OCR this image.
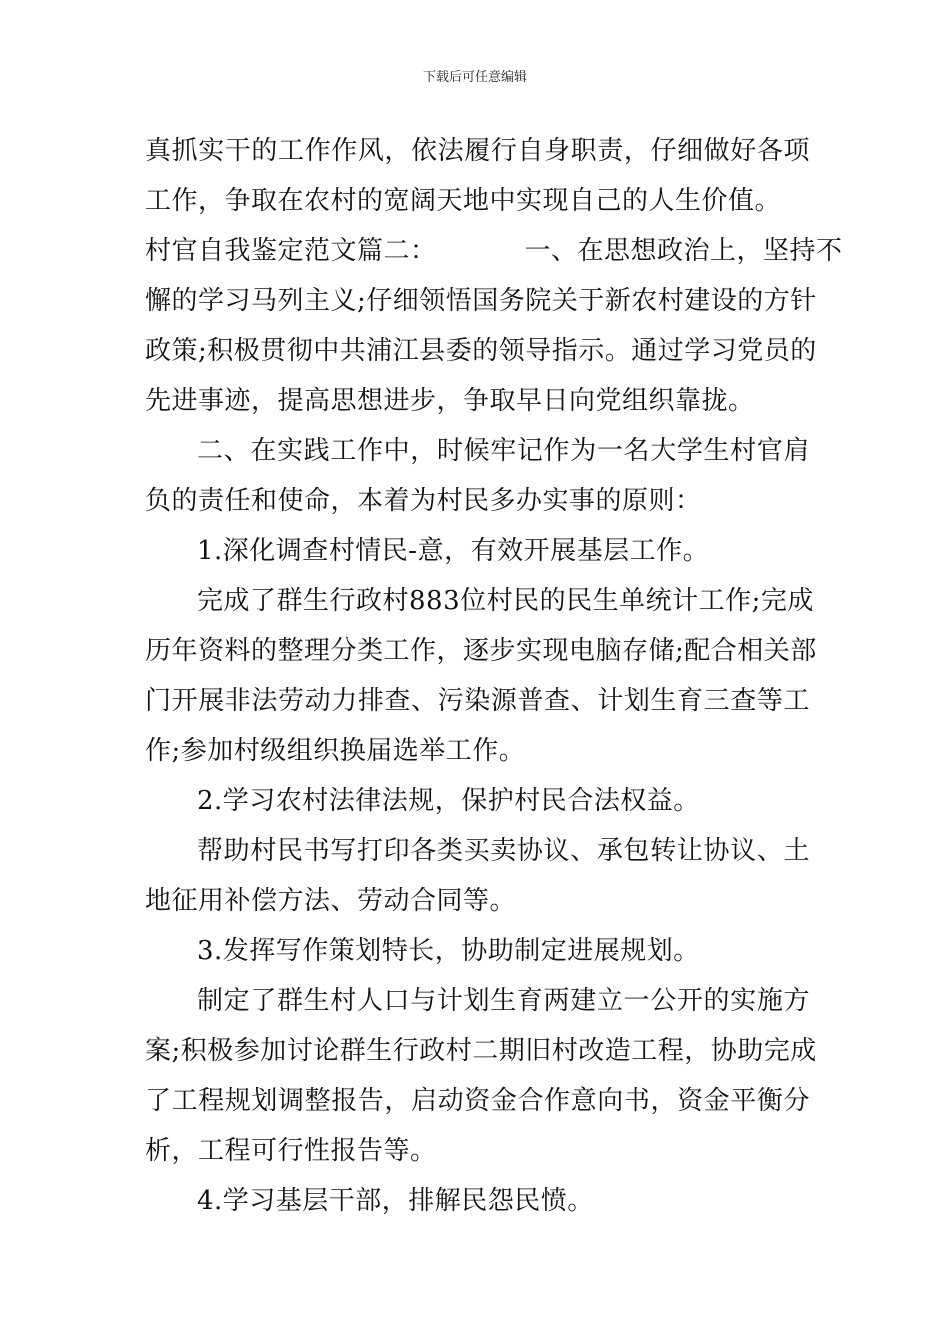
下载后可任意编辑
真抓实干的工作作风，依法履行自身职责，仔细做好各项
工作，争取在农村的宽阔天地中实现自己的人生价值。
村官自我鉴定范文篇二：	一、在思想政治上，坚持不
懈的学习马列主义;仔细领悟国务院关于新农村建设的方针
政策;积极贯彻中共浦江县委的领导指示。通过学习党员的
先进事迹，提高思想进步，争取早日向党组织靠拢。
二、在实践工作中，时候牢记作为一名大学生村官肩
负的责任和使命，本着为村民多办实事的原则：
1.深化调查村情民-意，有效开展基层工作。
完成了群生行政村883位村民的民生单统计工作;完成
历年资料的整理分类工作，逐步实现电脑存储;配合相关部
门开展非法劳动力排查、污染源普查、计划生育三查等工
作;参加村级组织换届选举工作。
2.学习农村法律法规，保护村民合法权益。
帮助村民书写打印各类买卖协议、承包转让协议、土
地征用补偿方法、劳动合同等。
3.发挥写作策划特长，协助制定进展规划。
制定了群生村人口与计划生育两建立一公开的实施方
案;积极参加讨论群生行政村二期旧村改造工程，协助完成
了工程规划调整报告，启动资金合作意向书，资金平衡分
析，工程可行性报告等。
4.学习基层干部，排解民怨民愤。
